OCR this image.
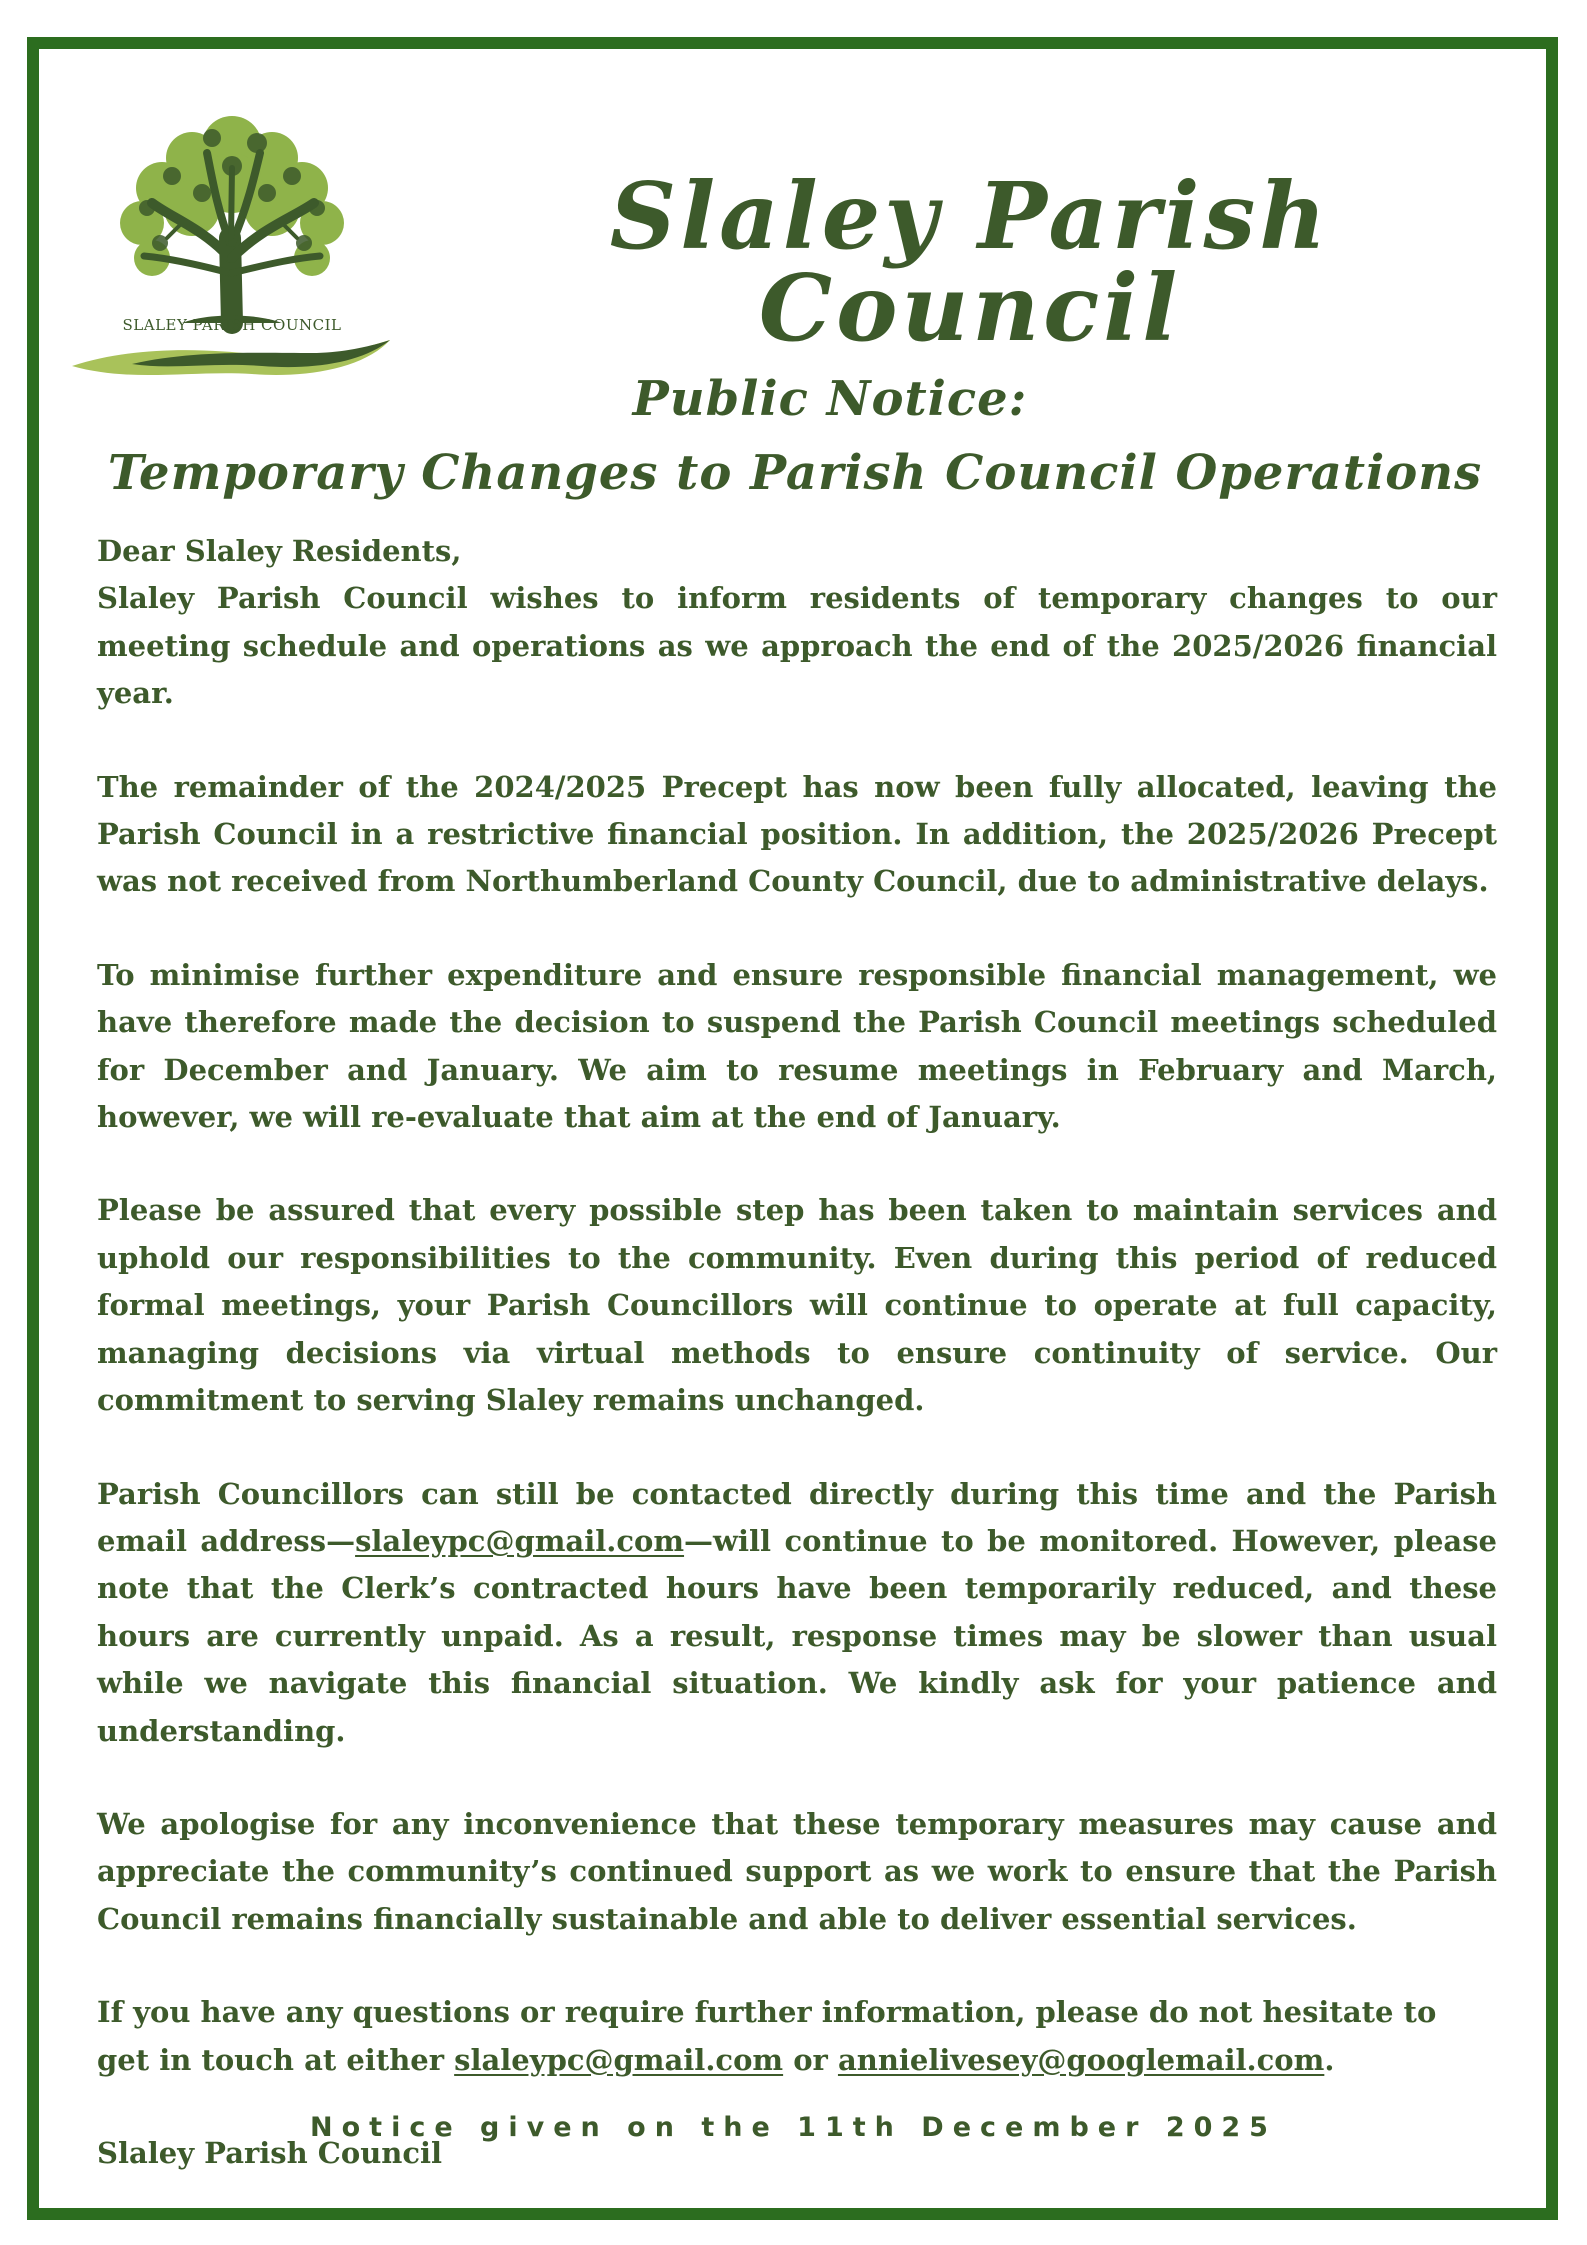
SLALEY PARISH COUNCIL
Slaley Parish Council
Public Notice:
Temporary Changes to Parish Council Operations

Dear Slaley Residents,

Slaley Parish Council wishes to inform residents of temporary changes to our meeting schedule and operations as we approach the end of the 2025/2026 financial year.

The remainder of the 2024/2025 Precept has now been fully allocated, leaving the Parish Council in a restrictive financial position. In addition, the 2025/2026 Precept was not received from Northumberland County Council, due to administrative delays.

To minimise further expenditure and ensure responsible financial management, we have therefore made the decision to suspend the Parish Council meetings scheduled for December and January. We aim to resume meetings in February and March, however, we will re-evaluate that aim at the end of January.

Please be assured that every possible step has been taken to maintain services and uphold our responsibilities to the community. Even during this period of reduced formal meetings, your Parish Councillors will continue to operate at full capacity, managing decisions via virtual methods to ensure continuity of service. Our commitment to serving Slaley remains unchanged.

Parish Councillors can still be contacted directly during this time and the Parish email address—slaleypc@gmail.com—will continue to be monitored. However, please note that the Clerk’s contracted hours have been temporarily reduced, and these hours are currently unpaid. As a result, response times may be slower than usual while we navigate this financial situation. We kindly ask for your patience and understanding.

We apologise for any inconvenience that these temporary measures may cause and appreciate the community’s continued support as we work to ensure that the Parish Council remains financially sustainable and able to deliver essential services.

If you have any questions or require further information, please do not hesitate to get in touch at either slaleypc@gmail.com or annielivesey@googlemail.com.

Slaley Parish Council

Notice given on the 11th December 2025
